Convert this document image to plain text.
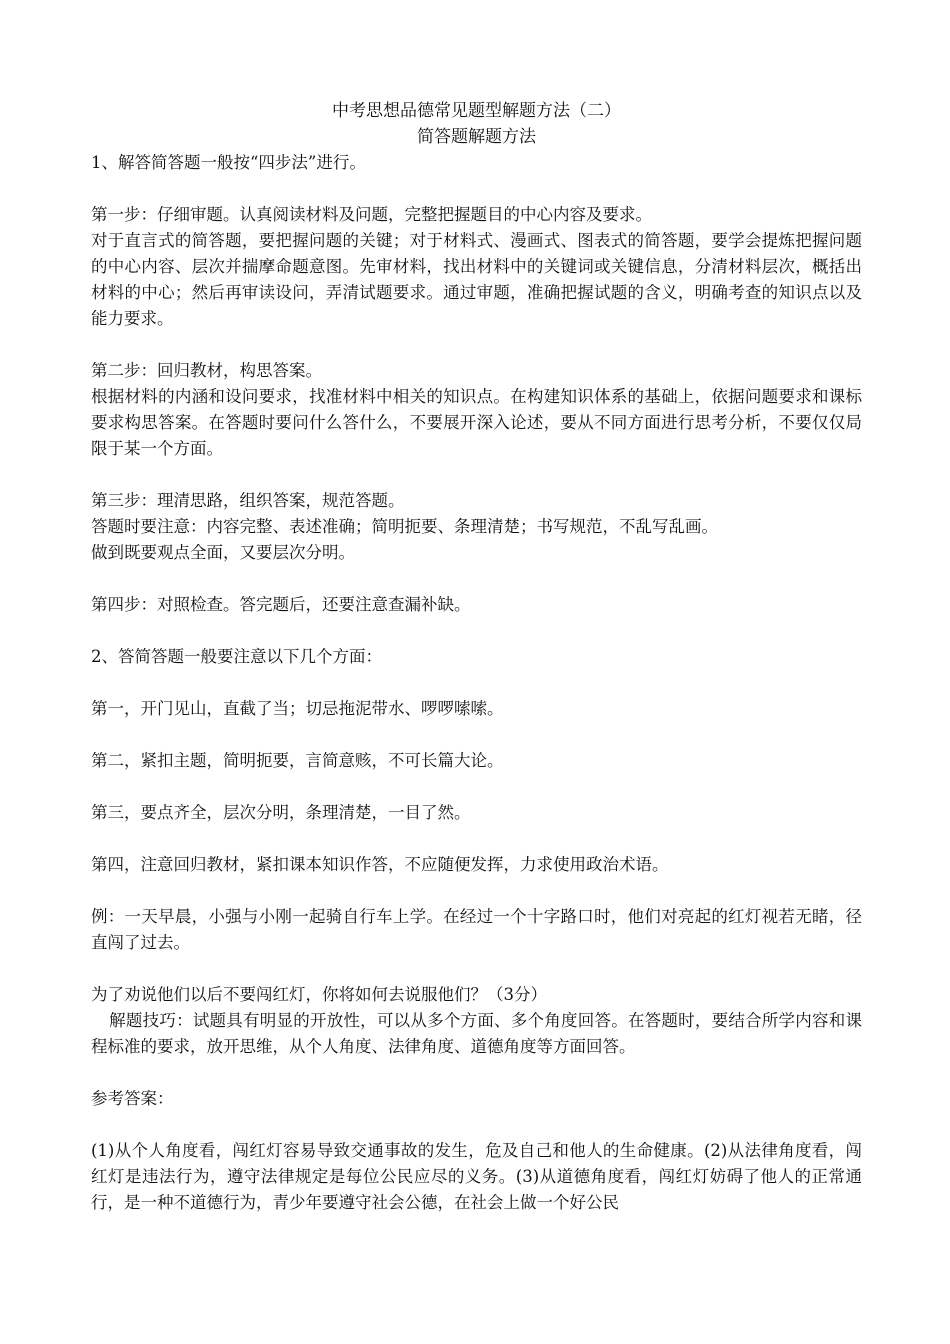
中考思想品德常见题型解题方法（二）
简答题解题方法

1、解答简答题一般按“四步法”进行。

第一步：仔细审题。认真阅读材料及问题，完整把握题目的中心内容及要求。

对于直言式的简答题，要把握问题的关键；对于材料式、漫画式、图表式的简答题，要学会提炼把握问题的中心内容、层次并揣摩命题意图。先审材料，找出材料中的关键词或关键信息，分清材料层次，概括出材料的中心；然后再审读设问，弄清试题要求。通过审题，准确把握试题的含义，明确考查的知识点以及能力要求。

第二步：回归教材，构思答案。

根据材料的内涵和设问要求，找准材料中相关的知识点。在构建知识体系的基础上，依据问题要求和课标要求构思答案。在答题时要问什么答什么，不要展开深入论述，要从不同方面进行思考分析，不要仅仅局限于某一个方面。

第三步：理清思路，组织答案，规范答题。

答题时要注意：内容完整、表述准确；简明扼要、条理清楚；书写规范，不乱写乱画。

做到既要观点全面，又要层次分明。

第四步：对照检查。答完题后，还要注意查漏补缺。

2、答简答题一般要注意以下几个方面：

第一，开门见山，直截了当；切忌拖泥带水、啰啰嗦嗦。

第二，紧扣主题，简明扼要，言简意赅，不可长篇大论。

第三，要点齐全，层次分明，条理清楚，一目了然。

第四，注意回归教材，紧扣课本知识作答，不应随便发挥，力求使用政治术语。

例：一天早晨，小强与小刚一起骑自行车上学。在经过一个十字路口时，他们对亮起的红灯视若无睹，径直闯了过去。

为了劝说他们以后不要闯红灯，你将如何去说服他们？（3分）

解题技巧：试题具有明显的开放性，可以从多个方面、多个角度回答。在答题时，要结合所学内容和课程标准的要求，放开思维，从个人角度、法律角度、道德角度等方面回答。

参考答案：

(1)从个人角度看，闯红灯容易导致交通事故的发生，危及自己和他人的生命健康。(2)从法律角度看，闯红灯是违法行为，遵守法律规定是每位公民应尽的义务。(3)从道德角度看，闯红灯妨碍了他人的正常通行，是一种不道德行为，青少年要遵守社会公德，在社会上做一个好公民
